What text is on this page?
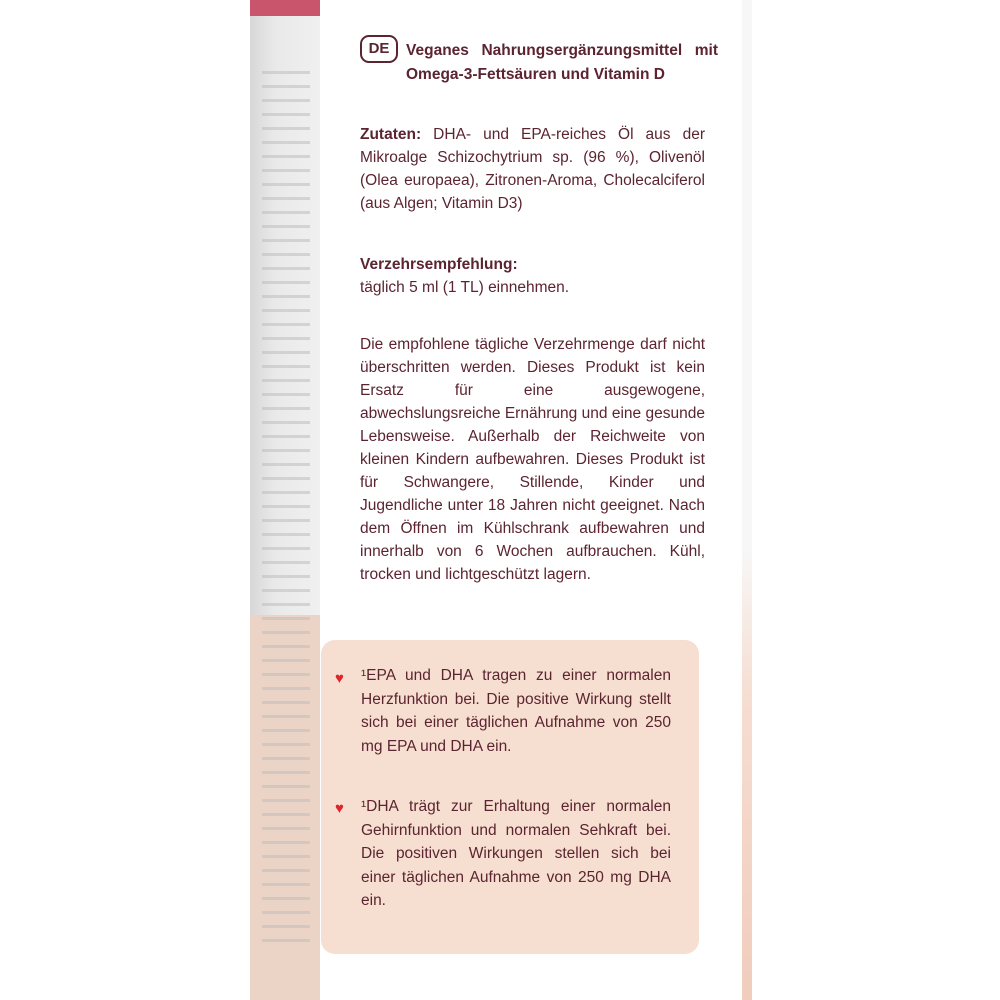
DE	Veganes Nahrungsergänzungsmittel mit Omega-3-Fettsäuren und Vitamin D
Zutaten: DHA- und EPA-reiches Öl aus der Mikroalge Schizochytrium sp. (96 %), Olivenöl (Olea europaea), Zitronen-Aroma, Cholecalciferol (aus Algen; Vitamin D3)
Verzehrsempfehlung:
täglich 5 ml (1 TL) einnehmen.
Die empfohlene tägliche Verzehrmenge darf nicht überschritten werden. Dieses Produkt ist kein Ersatz für eine ausgewogene, abwechslungsreiche Ernährung und eine gesunde Lebensweise. Außerhalb der Reichweite von kleinen Kindern aufbewahren. Dieses Produkt ist für Schwangere, Stillende, Kinder und Jugendliche unter 18 Jahren nicht geeignet. Nach dem Öffnen im Kühlschrank aufbewahren und innerhalb von 6 Wochen aufbrauchen. Kühl, trocken und lichtgeschützt lagern.
♥ ¹EPA und DHA tragen zu einer normalen Herzfunktion bei. Die positive Wirkung stellt sich bei einer täglichen Aufnahme von 250 mg EPA und DHA ein.
♥ ¹DHA trägt zur Erhaltung einer normalen Gehirnfunktion und normalen Sehkraft bei. Die positiven Wirkungen stellen sich bei einer täglichen Aufnahme von 250 mg DHA ein.
